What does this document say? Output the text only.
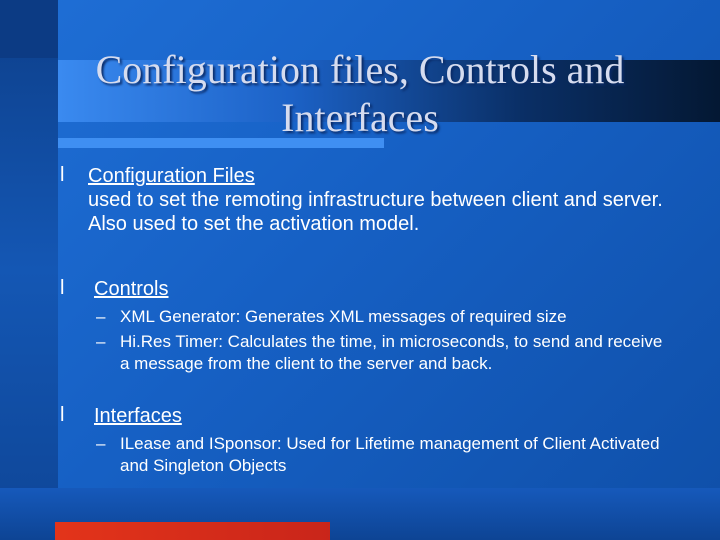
Configuration files, Controls and
Interfaces
l Configuration Files
used to set the remoting infrastructure between client and server. Also used to set the activation model.
l Controls
– XML Generator: Generates XML messages of required size
– Hi.Res Timer: Calculates the time, in microseconds, to send and receive a message from the client to the server and back.
l Interfaces
– ILease and ISponsor: Used for Lifetime management of Client Activated and Singleton Objects
